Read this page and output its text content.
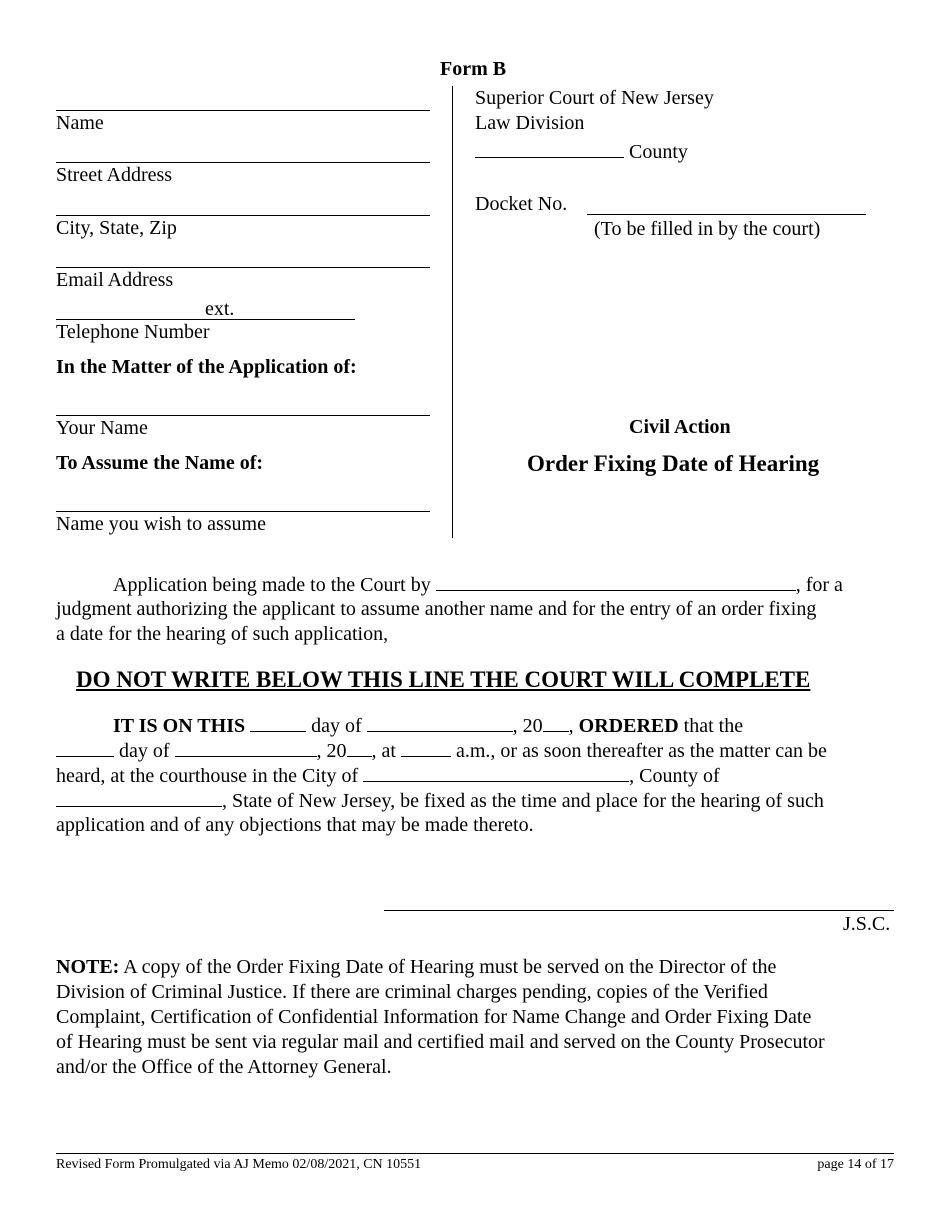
Form B
Name
Street Address
City, State, Zip
Email Address
ext.
Telephone Number
In the Matter of the Application of:
Your Name
To Assume the Name of:
Name you wish to assume
Superior Court of New Jersey
Law Division
County
Docket No.
(To be filled in by the court)
Civil Action
Order Fixing Date of Hearing
Application being made to the Court by	, for a
judgment authorizing the applicant to assume another name and for the entry of an order fixing
a date for the hearing of such application,
DO NOT WRITE BELOW THIS LINE THE COURT WILL COMPLETE
IT IS ON THIS	day of	, 20 , ORDERED that the
day of	, 20 , at	a.m., or as soon thereafter as the matter can be
heard, at the courthouse in the City of	, County of
, State of New Jersey, be fixed as the time and place for the hearing of such
application and of any objections that may be made thereto.
J.S.C.
NOTE: A copy of the Order Fixing Date of Hearing must be served on the Director of the
Division of Criminal Justice. If there are criminal charges pending, copies of the Verified
Complaint, Certification of Confidential Information for Name Change and Order Fixing Date
of Hearing must be sent via regular mail and certified mail and served on the County Prosecutor
and/or the Office of the Attorney General.
Revised Form Promulgated via AJ Memo 02/08/2021, CN 10551	page 14 of 17
